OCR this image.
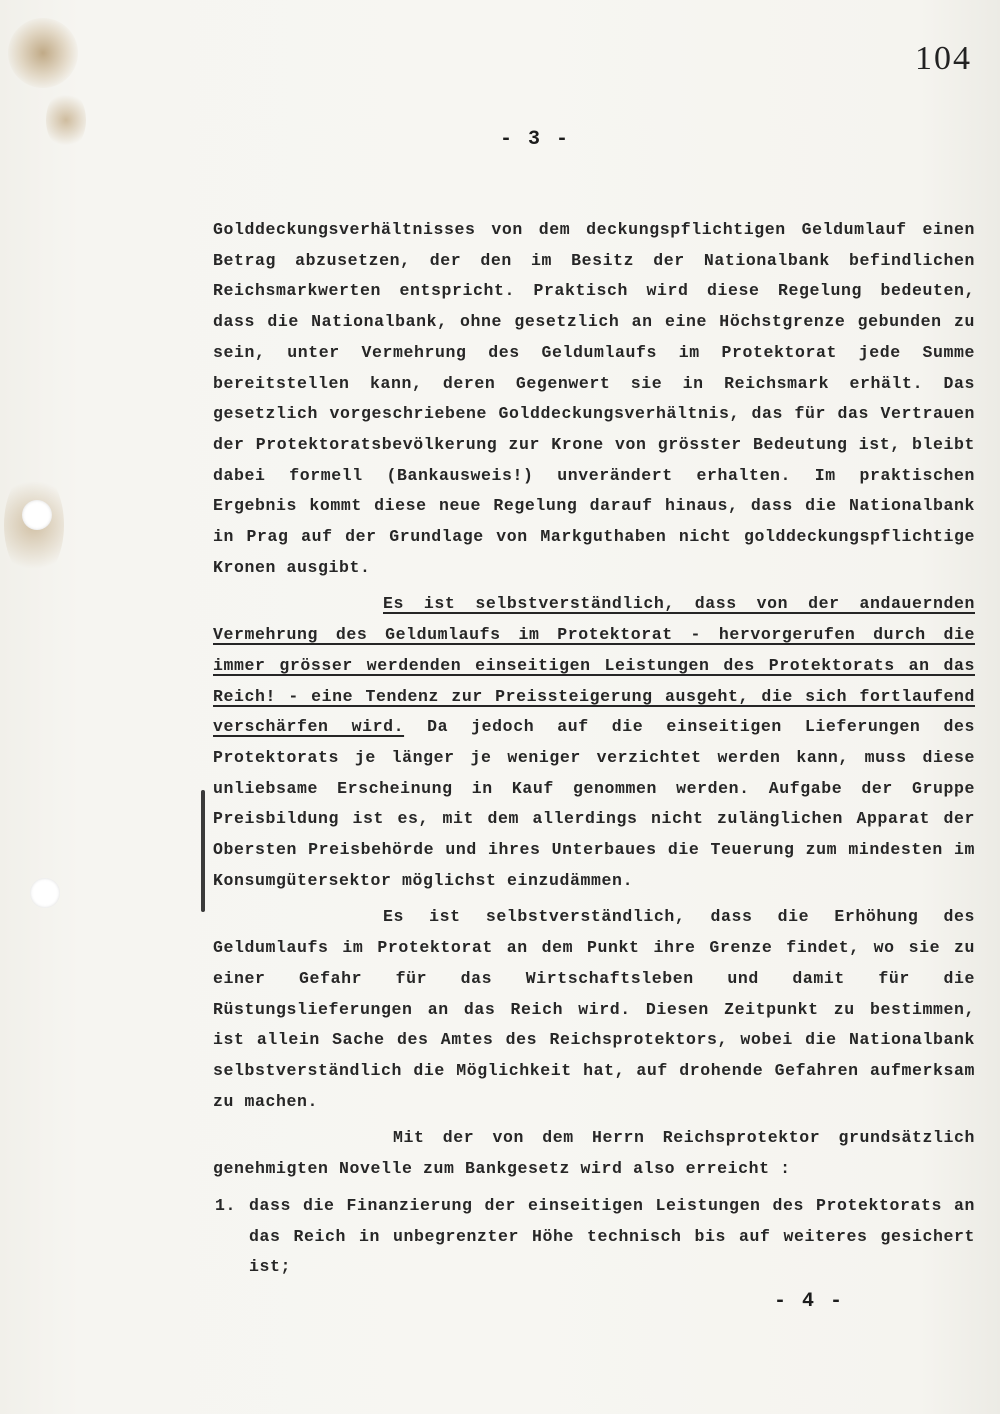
104
- 3 -

Golddeckungsverhältnisses von dem deckungspflichtigen Geldumlauf einen Betrag abzusetzen, der den im Besitz der Nationalbank befindlichen Reichsmarkwerten entspricht. Praktisch wird diese Regelung bedeuten, dass die Nationalbank, ohne gesetzlich an eine Höchstgrenze gebunden zu sein, unter Vermehrung des Geldumlaufs im Protektorat jede Summe bereitstellen kann, deren Gegenwert sie in Reichsmark erhält. Das gesetzlich vorgeschriebene Golddeckungsverhältnis, das für das Vertrauen der Protektoratsbevölkerung zur Krone von grösster Bedeutung ist, bleibt dabei formell (Bankausweis!) unverändert erhalten. Im praktischen Ergebnis kommt diese neue Regelung darauf hinaus, dass die Nationalbank in Prag auf der Grundlage von Markguthaben nicht golddeckungspflichtige Kronen ausgibt.

Es ist selbstverständlich, dass von der andauernden Vermehrung des Geldumlaufs im Protektorat - hervorgerufen durch die immer grösser werdenden einseitigen Leistungen des Protektorats an das Reich! - eine Tendenz zur Preissteigerung ausgeht, die sich fortlaufend verschärfen wird. Da jedoch auf die einseitigen Lieferungen des Protektorats je länger je weniger verzichtet werden kann, muss diese unliebsame Erscheinung in Kauf genommen werden. Aufgabe der Gruppe Preisbildung ist es, mit dem allerdings nicht zulänglichen Apparat der Obersten Preisbehörde und ihres Unterbaues die Teuerung zum mindesten im Konsumgütersektor möglichst einzudämmen.

Es ist selbstverständlich, dass die Erhöhung des Geldumlaufs im Protektorat an dem Punkt ihre Grenze findet, wo sie zu einer Gefahr für das Wirtschaftsleben und damit für die Rüstungslieferungen an das Reich wird. Diesen Zeitpunkt zu bestimmen, ist allein Sache des Amtes des Reichsprotektors, wobei die Nationalbank selbstverständlich die Möglichkeit hat, auf drohende Gefahren aufmerksam zu machen.

Mit der von dem Herrn Reichsprotektor grundsätzlich genehmigten Novelle zum Bankgesetz wird also erreicht :

1. dass die Finanzierung der einseitigen Leistungen des Protektorats an das Reich in unbegrenzter Höhe technisch bis auf weiteres gesichert ist;
- 4 -
